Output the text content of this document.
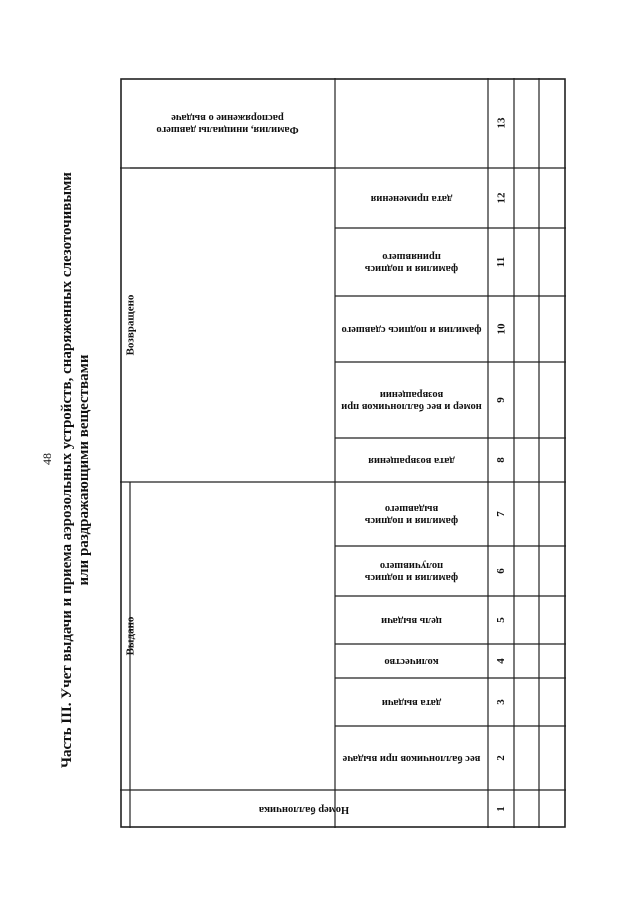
48 Часть III. Учет выдачи и приема аэрозольных устройств, снаряженных слезоточивыми или раздражающими веществами
Фамилия, инициалы давшего распоряжение о выдаче
Возвращено
Выдано
дата применения
фамилия и подпись принявшего
фамилия и подпись сдавшего
номер и вес баллончиков при возвращении
дата возвращения
фамилия и подпись выдавшего
фамилия и подпись получившего
цель выдачи
количество
дата выдачи
вес баллончиков при выдаче
Номер баллончика
13
12
11
10
9
8
7
6
5
4
3
2
1
